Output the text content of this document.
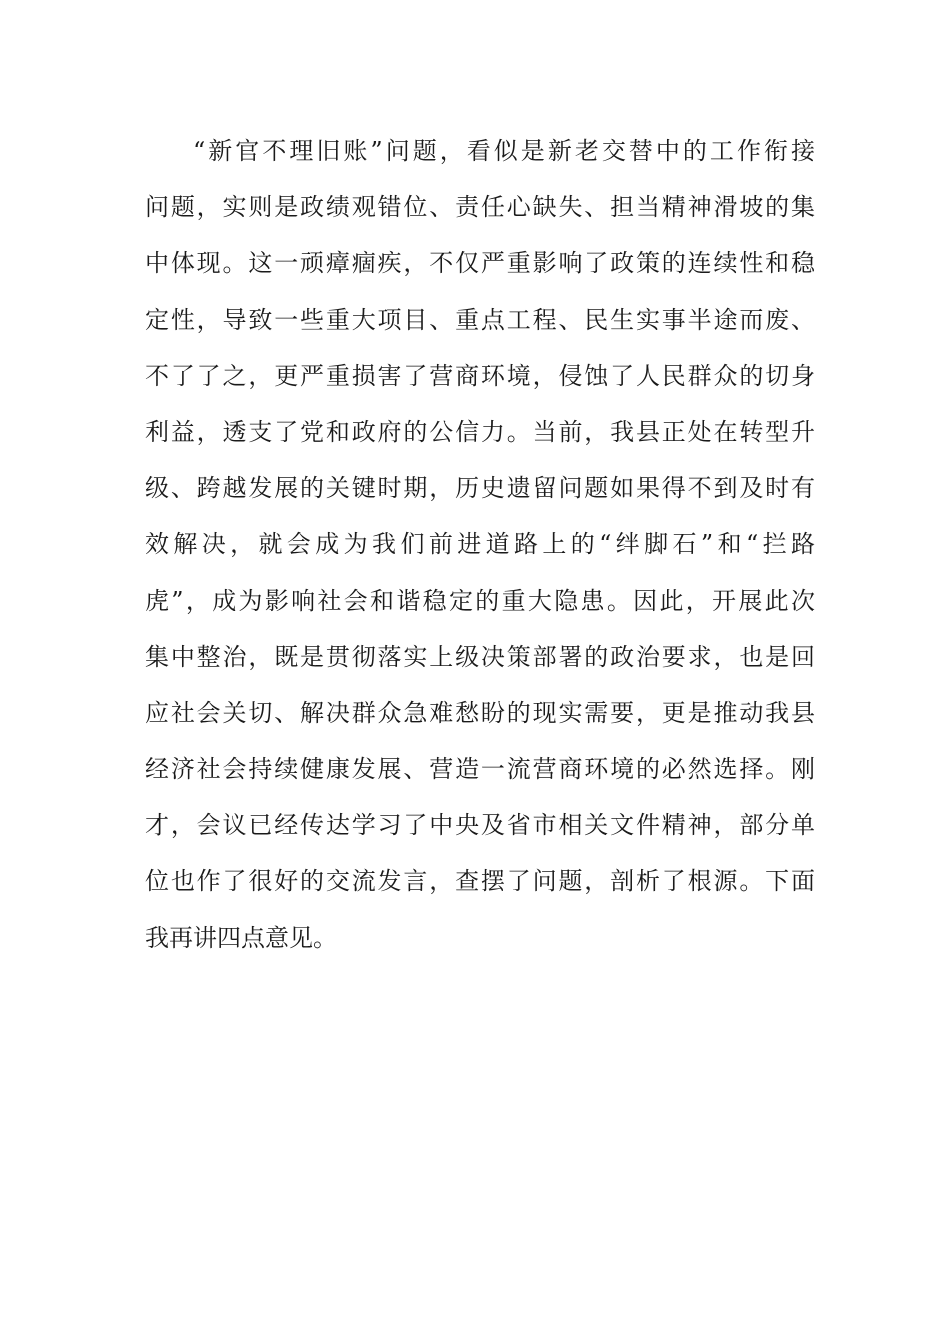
“新官不理旧账”问题，看似是新老交替中的工作衔接
问题，实则是政绩观错位、责任心缺失、担当精神滑坡的集
中体现。这一顽瘴痼疾，不仅严重影响了政策的连续性和稳
定性，导致一些重大项目、重点工程、民生实事半途而废、
不了了之，更严重损害了营商环境，侵蚀了人民群众的切身
利益，透支了党和政府的公信力。当前，我县正处在转型升
级、跨越发展的关键时期，历史遗留问题如果得不到及时有
效解决，就会成为我们前进道路上的“绊脚石”和“拦路
虎”，成为影响社会和谐稳定的重大隐患。因此，开展此次
集中整治，既是贯彻落实上级决策部署的政治要求，也是回
应社会关切、解决群众急难愁盼的现实需要，更是推动我县
经济社会持续健康发展、营造一流营商环境的必然选择。刚
才，会议已经传达学习了中央及省市相关文件精神，部分单
位也作了很好的交流发言，查摆了问题，剖析了根源。下面
我再讲四点意见。
